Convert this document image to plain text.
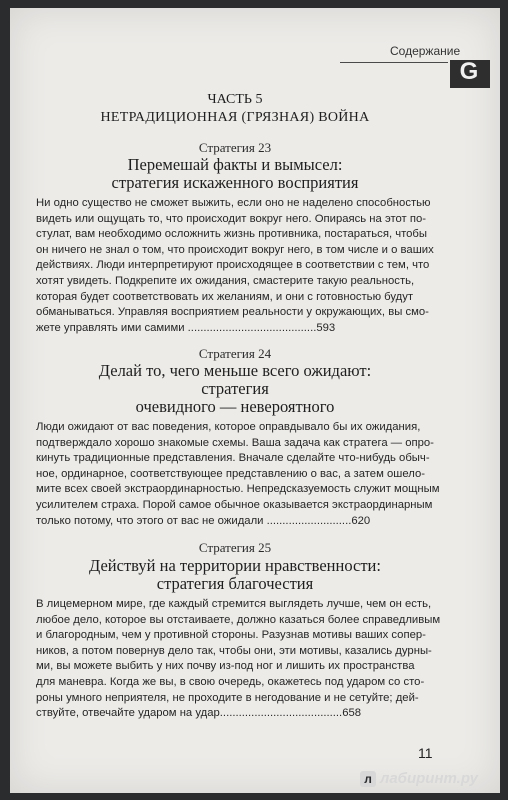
Содержание
G
ЧАСТЬ 5
НЕТРАДИЦИОННАЯ (ГРЯЗНАЯ) ВОЙНА
Стратегия 23
Перемешай факты и вымысел:
стратегия искаженного восприятия
Ни одно существо не сможет выжить, если оно не наделено способностью
видеть или ощущать то, что происходит вокруг него. Опираясь на этот по-
стулат, вам необходимо осложнить жизнь противника, постараться, чтобы
он ничего не знал о том, что происходит вокруг него, в том числе и о ваших
действиях. Люди интерпретируют происходящее в соответствии с тем, что
хотят увидеть. Подкрепите их ожидания, смастерите такую реальность,
которая будет соответствовать их желаниям, и они с готовностью будут
обманываться. Управляя восприятием реальности у окружающих, вы смо-
жете управлять ими самими .........................................593
Стратегия 24
Делай то, чего меньше всего ожидают:
стратегия
очевидного — невероятного
Люди ожидают от вас поведения, которое оправдывало бы их ожидания,
подтверждало хорошо знакомые схемы. Ваша задача как стратега — опро-
кинуть традиционные представления. Вначале сделайте что-нибудь обыч-
ное, ординарное, соответствующее представлению о вас, а затем ошело-
мите всех своей экстраординарностью. Непредсказуемость служит мощным
усилителем страха. Порой самое обычное оказывается экстраординарным
только потому, что этого от вас не ожидали ...........................620
Стратегия 25
Действуй на территории нравственности:
стратегия благочестия
В лицемерном мире, где каждый стремится выглядеть лучше, чем он есть,
любое дело, которое вы отстаиваете, должно казаться более справедливым
и благородным, чем у противной стороны. Разузнав мотивы ваших сопер-
ников, а потом повернув дело так, чтобы они, эти мотивы, казались дурны-
ми, вы можете выбить у них почву из-под ног и лишить их пространства
для маневра. Когда же вы, в свою очередь, окажетесь под ударом со сто-
роны умного неприятеля, не проходите в негодование и не сетуйте; дей-
ствуйте, отвечайте ударом на удар.......................................658
11
л лабиринт.ру
